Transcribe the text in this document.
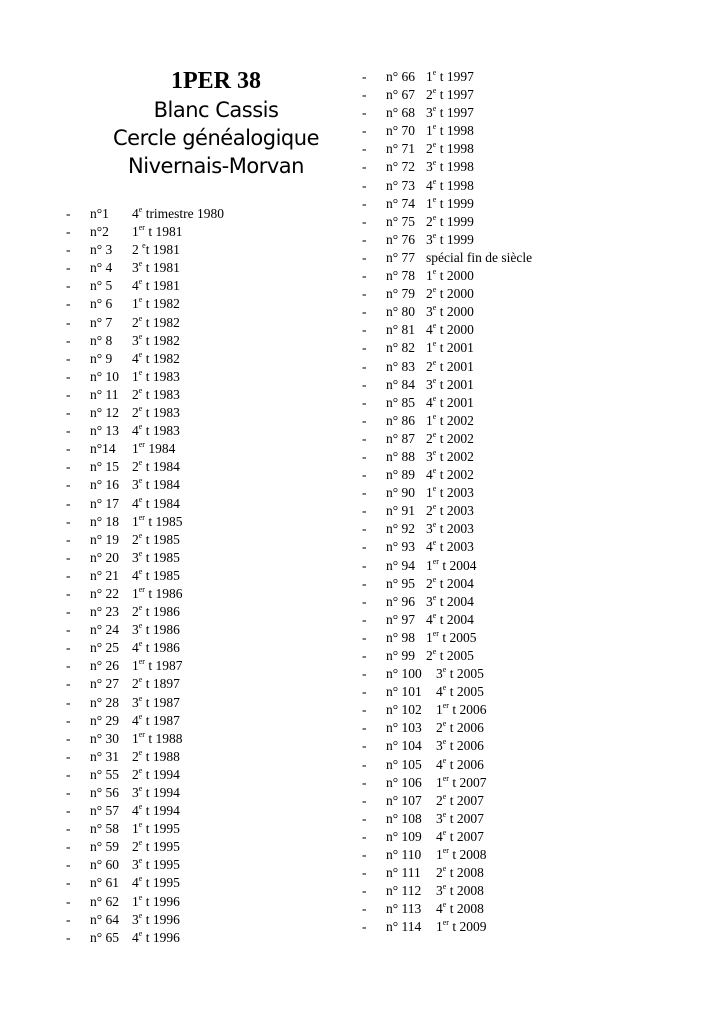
1PER 38
Blanc Cassis
Cercle généalogique
Nivernais-Morvan
- n°1 4e trimestre 1980
- n°2 1er t 1981
- n° 3 2 $^e$t 1981
- n° 4 3e t 1981
- n° 5 4e t 1981
- n° 6 1e t 1982
- n° 7 2e t 1982
- n° 8 3e t 1982
- n° 9 4e t 1982
- n° 10 1e t 1983
- n° 11 2e t 1983
- n° 12 2e t 1983
- n° 13 4e t 1983
- n°14 1er 1984
- n° 15 2e t 1984
- n° 16 3e t 1984
- n° 17 4e t 1984
- n° 18 1er t 1985
- n° 19 2e t 1985
- n° 20 3e t 1985
- n° 21 4e t 1985
- n° 22 1er t 1986
- n° 23 2e t 1986
- n° 24 3e t 1986
- n° 25 4e t 1986
- n° 26 1er t 1987
- n° 27 2e t 1897
- n° 28 3e t 1987
- n° 29 4e t 1987
- n° 30 1er t 1988
- n° 31 2e t 1988
- n° 55 2e t 1994
- n° 56 3e t 1994
- n° 57 4e t 1994
- n° 58 1e t 1995
- n° 59 2e t 1995
- n° 60 3e t 1995
- n° 61 4e t 1995
- n° 62 1e t 1996
- n° 64 3e t 1996
- n° 65 4e t 1996
- n° 66 1e t 1997
- n° 67 2e t 1997
- n° 68 3e t 1997
- n° 70 1e t 1998
- n° 71 2e t 1998
- n° 72 3e t 1998
- n° 73 4e t 1998
- n° 74 1e t 1999
- n° 75 2e t 1999
- n° 76 3e t 1999
- n° 77 spécial fin de siècle
- n° 78 1e t 2000
- n° 79 2e t 2000
- n° 80 3e t 2000
- n° 81 4e t 2000
- n° 82 1e t 2001
- n° 83 2e t 2001
- n° 84 3e t 2001
- n° 85 4e t 2001
- n° 86 1e t 2002
- n° 87 2e t 2002
- n° 88 3e t 2002
- n° 89 4e t 2002
- n° 90 1e t 2003
- n° 91 2e t 2003
- n° 92 3e t 2003
- n° 93 4e t 2003
- n° 94 1er t 2004
- n° 95 2e t 2004
- n° 96 3e t 2004
- n° 97 4e t 2004
- n° 98 1er t 2005
- n° 99 2e t 2005
- n° 100 3e t 2005
- n° 101 4e t 2005
- n° 102 1er t 2006
- n° 103 2e t 2006
- n° 104 3e t 2006
- n° 105 4e t 2006
- n° 106 1er t 2007
- n° 107 2e t 2007
- n° 108 3e t 2007
- n° 109 4e t 2007
- n° 110 1er t 2008
- n° 111 2e t 2008
- n° 112 3e t 2008
- n° 113 4e t 2008
- n° 114 1er t 2009
